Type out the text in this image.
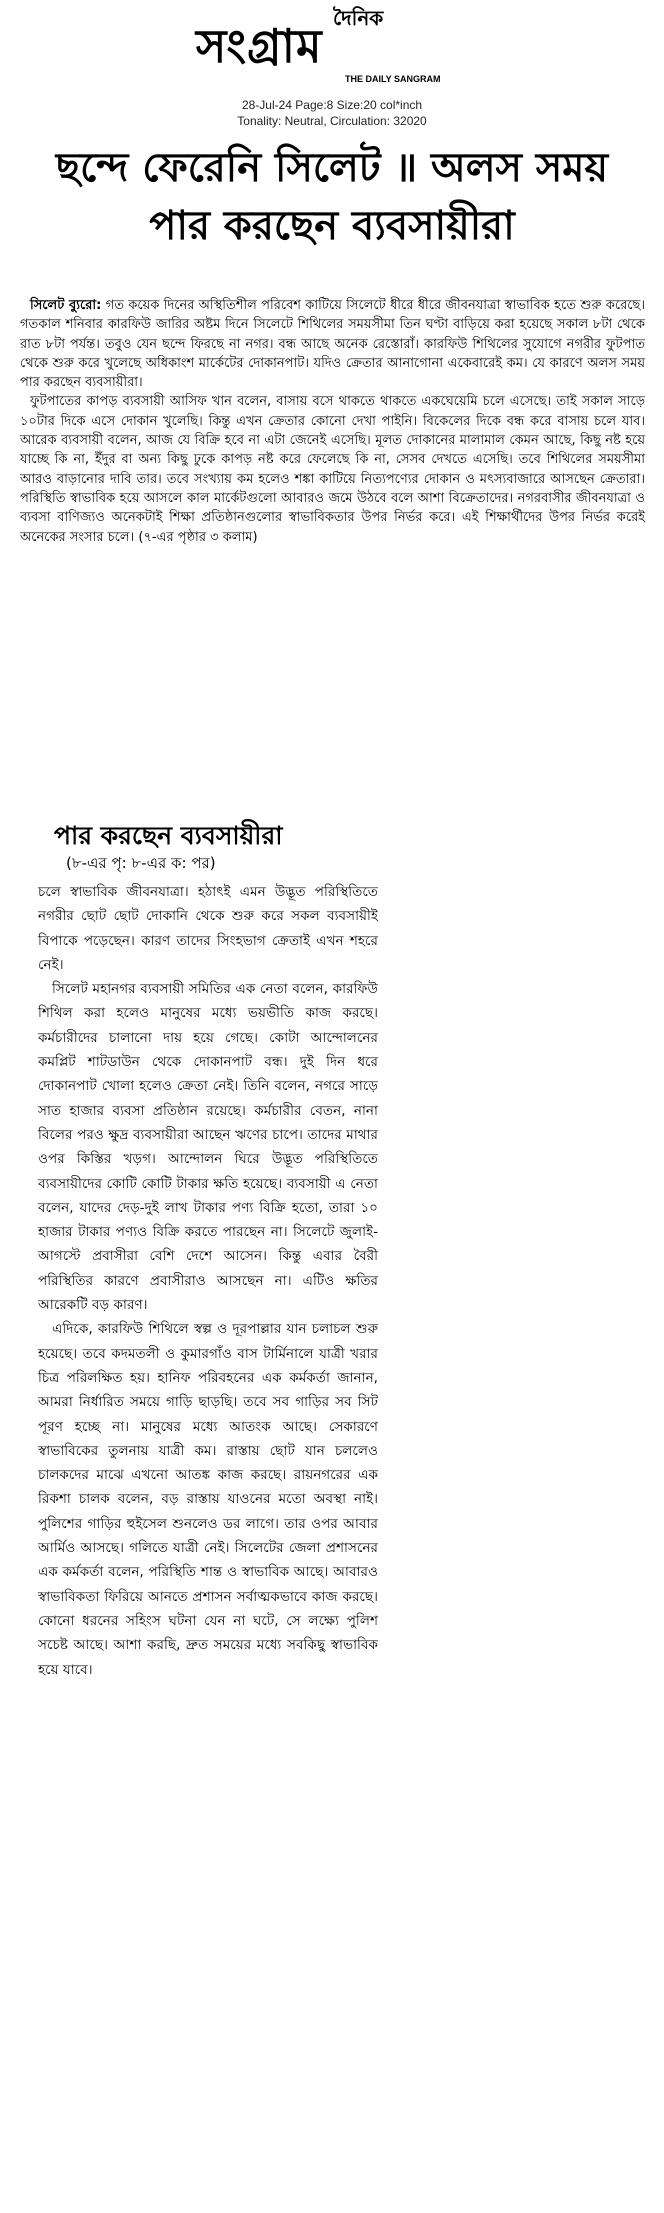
দৈনিক
সংগ্রাম
THE DAILY SANGRAM
28-Jul-24 Page:8 Size:20 col*inch
Tonality: Neutral, Circulation: 32020
ছন্দে ফেরেনি সিলেট ॥ অলস সময়
পার করছেন ব্যবসায়ীরা

সিলেট ব্যুরো: গত কয়েক দিনের অস্থিতিশীল পরিবেশ কাটিয়ে সিলেটে ধীরে ধীরে জীবনযাত্রা স্বাভাবিক হতে শুরু করেছে। গতকাল শনিবার কারফিউ জারির অষ্টম দিনে সিলেটে শিথিলের সময়সীমা তিন ঘণ্টা বাড়িয়ে করা হয়েছে সকাল ৮টা থেকে রাত ৮টা পর্যন্ত। তবুও যেন ছন্দে ফিরছে না নগর। বন্ধ আছে অনেক রেস্তোরাঁ। কারফিউ শিথিলের সুযোগে নগরীর ফুটপাত থেকে শুরু করে খুলেছে অধিকাংশ মার্কেটের দোকানপাট। যদিও ক্রেতার আনাগোনা একেবারেই কম। যে কারণে অলস সময় পার করছেন ব্যবসায়ীরা।

ফুটপাতের কাপড় ব্যবসায়ী আসিফ খান বলেন, বাসায় বসে থাকতে থাকতে একঘেয়েমি চলে এসেছে। তাই সকাল সাড়ে ১০টার দিকে এসে দোকান খুলেছি। কিন্তু এখন ক্রেতার কোনো দেখা পাইনি। বিকেলের দিকে বন্ধ করে বাসায় চলে যাব। আরেক ব্যবসায়ী বলেন, আজ যে বিক্রি হবে না এটা জেনেই এসেছি। মূলত দোকানের মালামাল কেমন আছে, কিছু নষ্ট হয়ে যাচ্ছে কি না, ইঁদুর বা অন্য কিছু ঢুকে কাপড় নষ্ট করে ফেলেছে কি না, সেসব দেখতে এসেছি। তবে শিথিলের সময়সীমা আরও বাড়ানোর দাবি তার। তবে সংখ্যায় কম হলেও শঙ্কা কাটিয়ে নিত্যপণ্যের দোকান ও মৎস্যবাজারে আসছেন ক্রেতারা। পরিস্থিতি স্বাভাবিক হয়ে আসলে কাল মার্কেটগুলো আবারও জমে উঠবে বলে আশা বিক্রেতাদের। নগরবাসীর জীবনযাত্রা ও ব্যবসা বাণিজ্যও অনেকটাই শিক্ষা প্রতিষ্ঠানগুলোর স্বাভাবিকতার উপর নির্ভর করে। এই শিক্ষার্থীদের উপর নির্ভর করেই অনেকের সংসার চলে। (৭-এর পৃষ্ঠার ৩ কলাম)

পার করছেন ব্যবসায়ীরা
(৮-এর পৃ: ৮-এর ক: পর)

চলে স্বাভাবিক জীবনযাত্রা। হঠাৎই এমন উদ্ভূত পরিস্থিতিতে নগরীর ছোট ছোট দোকানি থেকে শুরু করে সকল ব্যবসায়ীই বিপাকে পড়েছেন। কারণ তাদের সিংহভাগ ক্রেতাই এখন শহরে নেই।

সিলেট মহানগর ব্যবসায়ী সমিতির এক নেতা বলেন, কারফিউ শিথিল করা হলেও মানুষের মধ্যে ভয়ভীতি কাজ করছে। কর্মচারীদের চালানো দায় হয়ে গেছে। কোটা আন্দোলনের কমপ্লিট শাটডাউন থেকে দোকানপাট বন্ধ। দুই দিন ধরে দোকানপাট খোলা হলেও ক্রেতা নেই। তিনি বলেন, নগরে সাড়ে সাত হাজার ব্যবসা প্রতিষ্ঠান রয়েছে। কর্মচারীর বেতন, নানা বিলের পরও ক্ষুদ্র ব্যবসায়ীরা আছেন ঋণের চাপে। তাদের মাথার ওপর কিস্তির খড়গ। আন্দোলন ঘিরে উদ্ভূত পরিস্থিতিতে ব্যবসায়ীদের কোটি কোটি টাকার ক্ষতি হয়েছে। ব্যবসায়ী এ নেতা বলেন, যাদের দেড়-দুই লাখ টাকার পণ্য বিক্রি হতো, তারা ১০ হাজার টাকার পণ্যও বিক্রি করতে পারছেন না। সিলেটে জুলাই-আগস্টে প্রবাসীরা বেশি দেশে আসেন। কিন্তু এবার বৈরী পরিস্থিতির কারণে প্রবাসীরাও আসছেন না। এটিও ক্ষতির আরেকটি বড় কারণ।

এদিকে, কারফিউ শিথিলে স্বল্প ও দূরপাল্লার যান চলাচল শুরু হয়েছে। তবে কদমতলী ও কুমারগাঁও বাস টার্মিনালে যাত্রী খরার চিত্র পরিলক্ষিত হয়। হানিফ পরিবহনের এক কর্মকর্তা জানান, আমরা নির্ধারিত সময়ে গাড়ি ছাড়ছি। তবে সব গাড়ির সব সিট পূরণ হচ্ছে না। মানুষের মধ্যে আতংক আছে। সেকারণে স্বাভাবিকের তুলনায় যাত্রী কম। রাস্তায় ছোট যান চললেও চালকদের মাঝে এখনো আতঙ্ক কাজ করছে। রায়নগরের এক রিকশা চালক বলেন, বড় রাস্তায় যাওনের মতো অবস্থা নাই। পুলিশের গাড়ির হুইসেল শুনলেও ডর লাগে। তার ওপর আবার আর্মিও আসছে। গলিতে যাত্রী নেই। সিলেটের জেলা প্রশাসনের এক কর্মকর্তা বলেন, পরিস্থিতি শান্ত ও স্বাভাবিক আছে। আবারও স্বাভাবিকতা ফিরিয়ে আনতে প্রশাসন সর্বাত্মকভাবে কাজ করছে। কোনো ধরনের সহিংস ঘটনা যেন না ঘটে, সে লক্ষ্যে পুলিশ সচেষ্ট আছে। আশা করছি, দ্রুত সময়ের মধ্যে সবকিছু স্বাভাবিক হয়ে যাবে।
